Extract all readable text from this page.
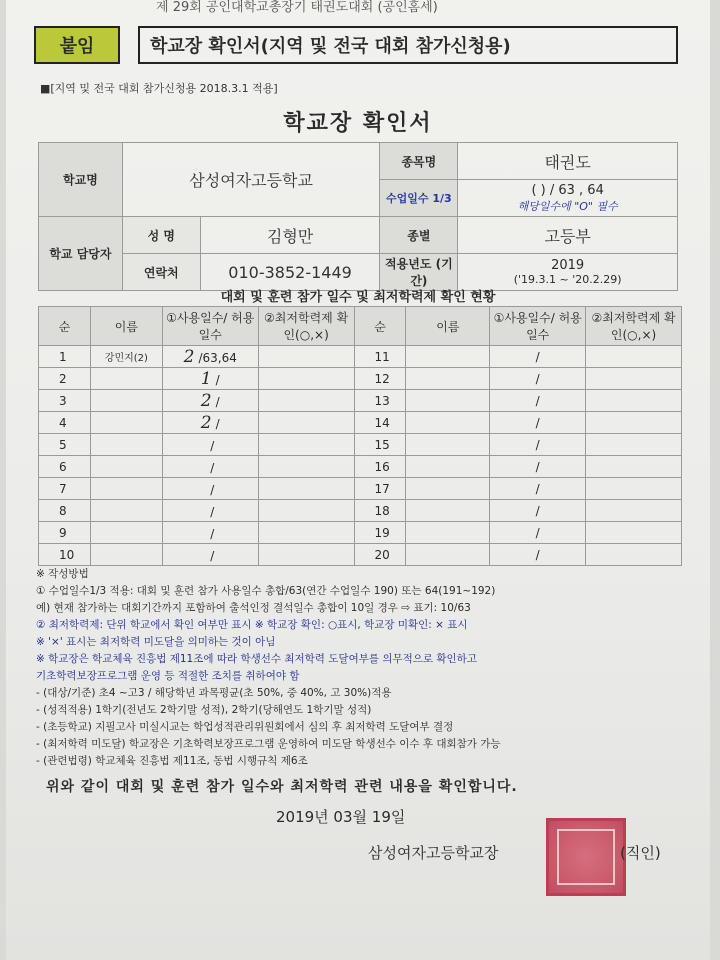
제 29회 공인대학교총장기 태권도대회 (공인홈세)
붙임	학교장 확인서(지역 및 전국 대회 참가신청용)
■[지역 및 전국 대회 참가신청용 2018.3.1 적용]
학교장 확인서
학교명	삼성여자고등학교		종목명	태권도
			수업일수 1/3	( ) / 63 , 64
해당일수에 "O" 필수

학교 담당자	성 명	김형만	종별	고등부
	연락처	010-3852-1449	적용년도 (기간)	2019
('19.3.1 ~ '20.2.29)
대회 및 훈련 참가 일수 및 최저학력제 확인 현황
순	이름	①사용일수/ 허용일수	②최저학력제 확인(○,×)	순	이름	①사용일수/ 허용일수	②최저학력제 확인(○,×)
1	강민지(2)	2 /63,64		11		/	
2		1 /		12		/	
3		2 /		13		/	
4		2 /		14		/	
5		/		15		/	
6		/		16		/	
7		/		17		/	
8		/		18		/	
9		/		19		/	
10		/		20		/	
※ 작성방법
① 수업일수1/3 적용: 대회 및 훈련 참가 사용일수 총합/63(연간 수업일수 190) 또는 64(191~192)
예) 현재 참가하는 대회기간까지 포함하여 출석인정 결석일수 총합이 10일 경우 ⇨ 표기: 10/63
② 최저학력제: 단위 학교에서 확인 여부만 표시 ※ 학교장 확인: ○표시, 학교장 미확인: × 표시
※ '×' 표시는 최저학력 미도달을 의미하는 것이 아님
※ 학교장은 학교체육 진흥법 제11조에 따라 학생선수 최저학력 도달여부를 의무적으로 확인하고
기초학력보장프로그램 운영 등 적절한 조치를 취하여야 함
- (대상/기준) 초4 ~고3 / 해당학년 과목평균(초 50%, 중 40%, 고 30%)적용
- (성적적용) 1학기(전년도 2학기말 성적), 2학기(당해연도 1학기말 성적)
- (초등학교) 지필고사 미실시교는 학업성적관리위원회에서 심의 후 최저학력 도달여부 결정
- (최저학력 미도달) 학교장은 기초학력보장프로그램 운영하여 미도달 학생선수 이수 후 대회참가 가능
- (관련법령) 학교체육 진흥법 제11조, 동법 시행규칙 제6조
위와 같이 대회 및 훈련 참가 일수와 최저학력 관련 내용을 확인합니다.
2019년 03월 19일
삼성여자고등학교장	(직인)
